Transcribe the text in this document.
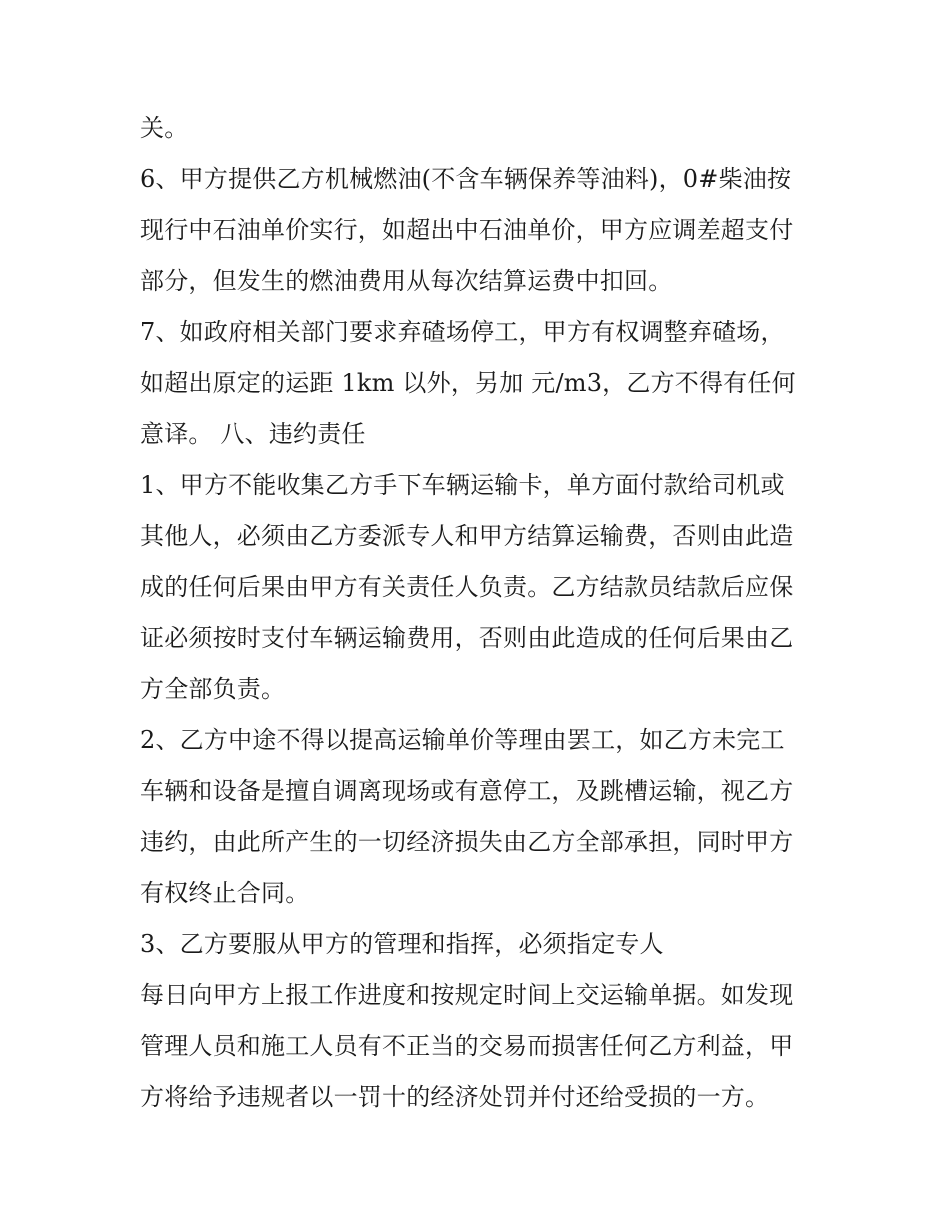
关。
6、甲方提供乙方机械燃油(不含车辆保养等油料)，0#柴油按
现行中石油单价实行，如超出中石油单价，甲方应调差超支付
部分，但发生的燃油费用从每次结算运费中扣回。
7、如政府相关部门要求弃碴场停工，甲方有权调整弃碴场，
如超出原定的运距 1km 以外，另加 元/m3，乙方不得有任何
意译。 八、违约责任
1、甲方不能收集乙方手下车辆运输卡，单方面付款给司机或
其他人，必须由乙方委派专人和甲方结算运输费，否则由此造
成的任何后果由甲方有关责任人负责。乙方结款员结款后应保
证必须按时支付车辆运输费用，否则由此造成的任何后果由乙
方全部负责。
2、乙方中途不得以提高运输单价等理由罢工，如乙方未完工
车辆和设备是擅自调离现场或有意停工，及跳槽运输，视乙方
违约，由此所产生的一切经济损失由乙方全部承担，同时甲方
有权终止合同。
3、乙方要服从甲方的管理和指挥，必须指定专人
每日向甲方上报工作进度和按规定时间上交运输单据。如发现
管理人员和施工人员有不正当的交易而损害任何乙方利益，甲
方将给予违规者以一罚十的经济处罚并付还给受损的一方。
